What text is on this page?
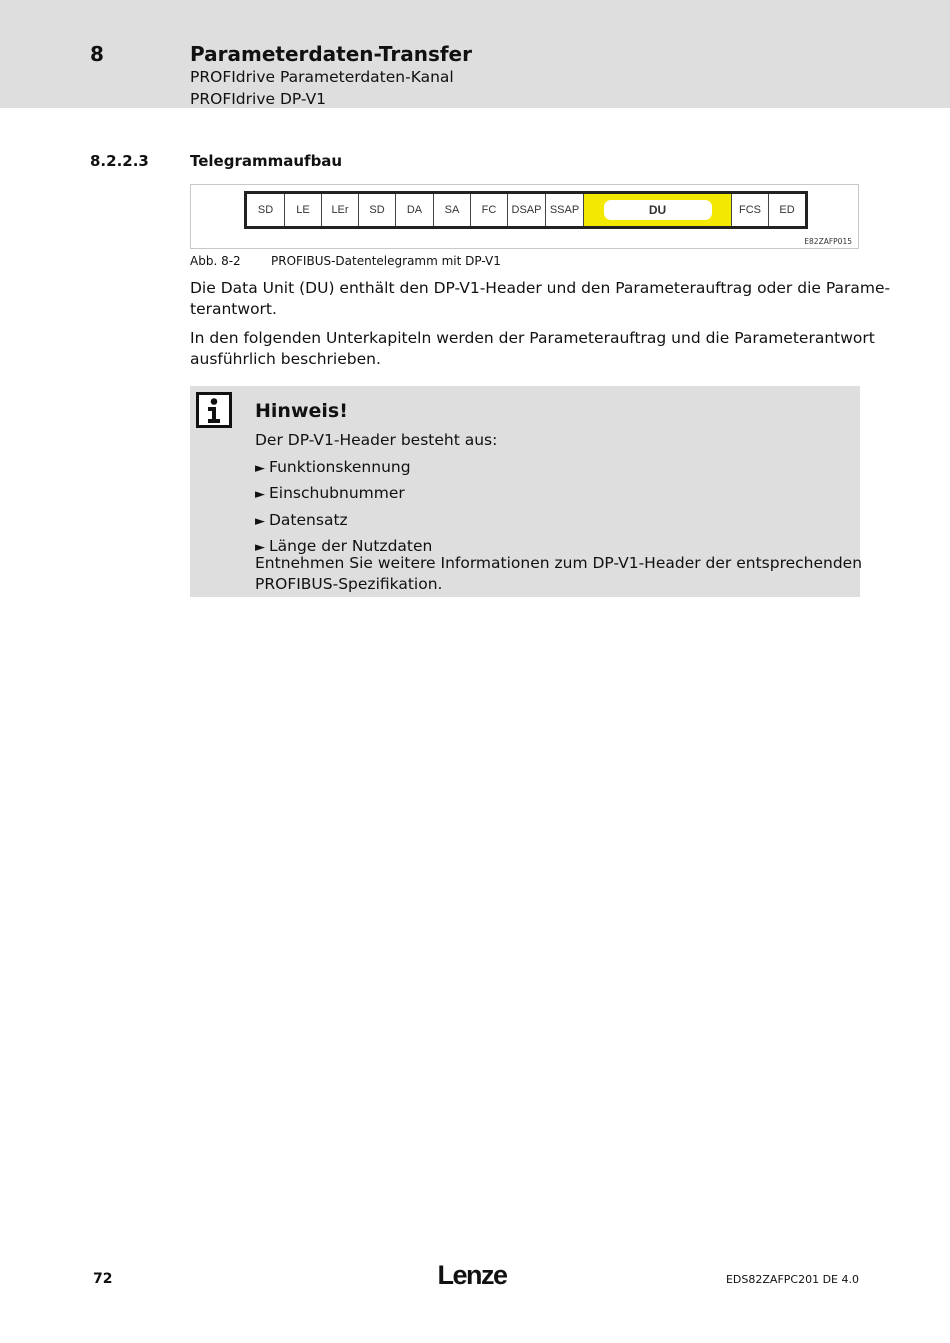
8	Parameterdaten-Transfer
PROFIdrive Parameterdaten-Kanal
PROFIdrive DP-V1
8.2.2.3	Telegrammaufbau
SD	LE	LEr	SD	DA	SA	FC	DSAP SSAP	DU	FCS	ED
E82ZAFP015
Abb. 8-2	PROFIBUS-Datentelegramm mit DP-V1

Die Data Unit (DU) enthält den DP-V1-Header und den Parameterauftrag oder die Parame-
terantwort.

In den folgenden Unterkapiteln werden der Parameterauftrag und die Parameterantwort
ausführlich beschrieben.

Hinweis!
Der DP-V1-Header besteht aus:
► Funktionskennung
► Einschubnummer
► Datensatz
► Länge der Nutzdaten
Entnehmen Sie weitere Informationen zum DP-V1-Header der entsprechenden
PROFIBUS-Spezifikation.
72	Lenze	EDS82ZAFPC201 DE 4.0
